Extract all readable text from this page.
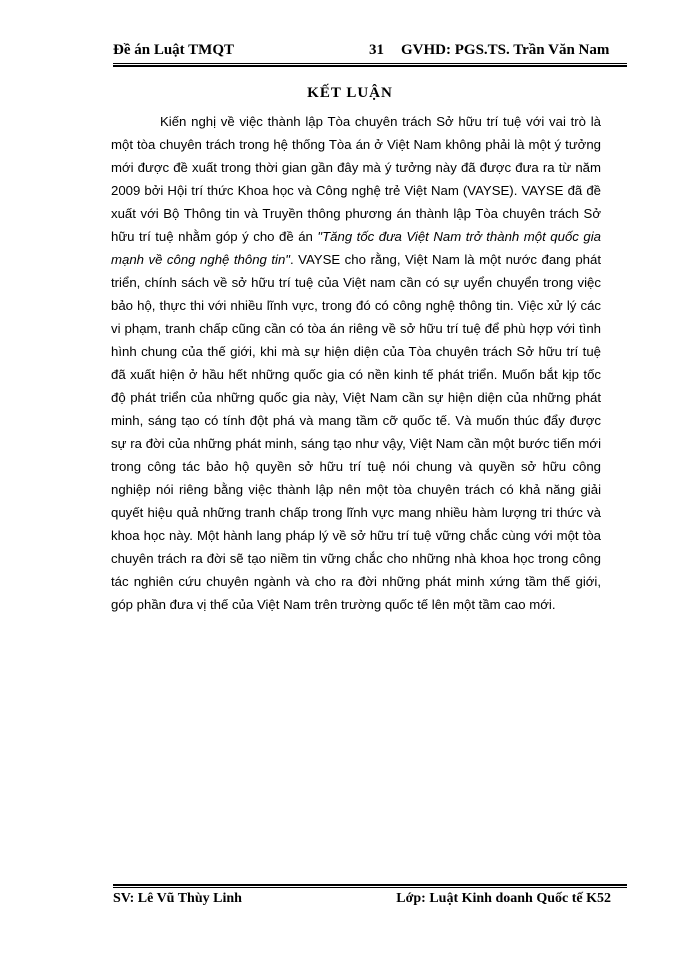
Đề án Luật TMQT	31 GVHD: PGS.TS. Trần Văn Nam
KẾT LUẬN

Kiến nghị về việc thành lập Tòa chuyên trách Sở hữu trí tuệ với vai trò là một tòa chuyên trách trong hệ thống Tòa án ở Việt Nam không phải là một ý tưởng mới được đề xuất trong thời gian gần đây mà ý tưởng này đã được đưa ra từ năm 2009 bởi Hội trí thức Khoa học và Công nghệ trẻ Việt Nam (VAYSE). VAYSE đã đề xuất với Bộ Thông tin và Truyền thông phương án thành lập Tòa chuyên trách Sở hữu trí tuệ nhằm góp ý cho đề án "Tăng tốc đưa Việt Nam trở thành một quốc gia mạnh về công nghệ thông tin". VAYSE cho rằng, Việt Nam là một nước đang phát triển, chính sách về sở hữu trí tuệ của Việt nam cần có sự uyển chuyển trong việc bảo hộ, thực thi với nhiều lĩnh vực, trong đó có công nghệ thông tin. Việc xử lý các vi phạm, tranh chấp cũng cần có tòa án riêng về sở hữu trí tuệ để phù hợp với tình hình chung của thế giới, khi mà sự hiện diện của Tòa chuyên trách Sở hữu trí tuệ đã xuất hiện ở hầu hết những quốc gia có nền kinh tế phát triển. Muốn bắt kịp tốc độ phát triển của những quốc gia này, Việt Nam cần sự hiện diện của những phát minh, sáng tạo có tính đột phá và mang tầm cỡ quốc tế. Và muốn thúc đẩy được sự ra đời của những phát minh, sáng tạo như vậy, Việt Nam cần một bước tiến mới trong công tác bảo hộ quyền sở hữu trí tuệ nói chung và quyền sở hữu công nghiệp nói riêng bằng việc thành lập nên một tòa chuyên trách có khả năng giải quyết hiệu quả những tranh chấp trong lĩnh vực mang nhiều hàm lượng tri thức và khoa học này. Một hành lang pháp lý về sở hữu trí tuệ vững chắc cùng với một tòa chuyên trách ra đời sẽ tạo niềm tin vững chắc cho những nhà khoa học trong công tác nghiên cứu chuyên ngành và cho ra đời những phát minh xứng tầm thế giới, góp phần đưa vị thế của Việt Nam trên trường quốc tế lên một tầm cao mới.

SV: Lê Vũ Thùy Linh	Lớp: Luật Kinh doanh Quốc tế K52
